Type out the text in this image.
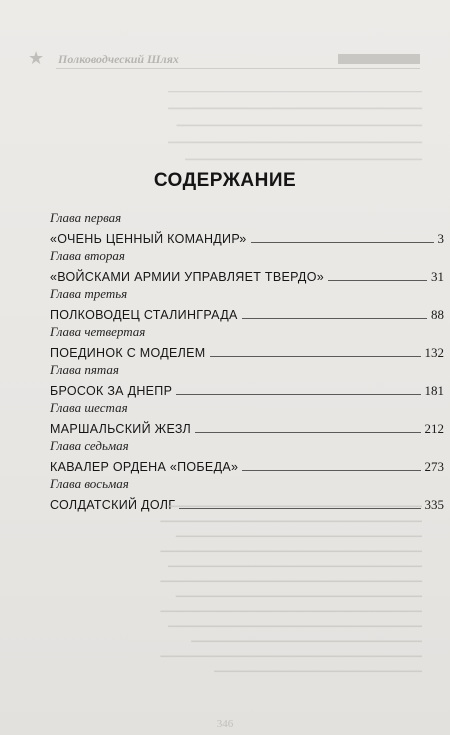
★ Полководческий Шлях
▔▔▔▔▔▔▔▔▔▔▔▔▔▔▔▔▔▔▔▔▔▔▔▔▔▔▔▔▔▔
▔▔▔▔▔▔▔▔▔▔▔▔▔▔▔▔▔▔▔▔▔▔▔▔▔▔▔▔▔▔
▔▔▔▔▔▔▔▔▔▔▔▔▔▔▔▔▔▔▔▔▔▔▔▔▔▔▔▔▔
▔▔▔▔▔▔▔▔▔▔▔▔▔▔▔▔▔▔▔▔▔▔▔▔▔▔▔▔▔▔
▔▔▔▔▔▔▔▔▔▔▔▔▔▔▔▔▔▔▔▔▔▔▔▔▔▔▔▔
СОДЕРЖАНИЕ
Глава первая
«ОЧЕНЬ ЦЕННЫЙ КОМАНДИР»	3
Глава вторая
«ВОЙСКАМИ АРМИИ УПРАВЛЯЕТ ТВЕРДО»	31
Глава третья
ПОЛКОВОДЕЦ СТАЛИНГРАДА	88
Глава четвертая
ПОЕДИНОК С МОДЕЛЕМ	132
Глава пятая
БРОСОК ЗА ДНЕПР	181
Глава шестая
МАРШАЛЬСКИЙ ЖЕЗЛ	212
Глава седьмая
КАВАЛЕР ОРДЕНА «ПОБЕДА»	273
Глава восьмая
СОЛДАТСКИЙ ДОЛГ	335
▔▔▔▔▔▔▔▔▔▔▔▔▔▔▔▔▔▔▔▔▔▔▔▔▔▔▔▔▔▔▔▔▔
▔▔▔▔▔▔▔▔▔▔▔▔▔▔▔▔▔▔▔▔▔▔▔▔▔▔▔▔▔▔▔▔▔▔
▔▔▔▔▔▔▔▔▔▔▔▔▔▔▔▔▔▔▔▔▔▔▔▔▔▔▔▔▔▔▔▔
▔▔▔▔▔▔▔▔▔▔▔▔▔▔▔▔▔▔▔▔▔▔▔▔▔▔▔▔▔▔▔▔▔▔
▔▔▔▔▔▔▔▔▔▔▔▔▔▔▔▔▔▔▔▔▔▔▔▔▔▔▔▔▔▔▔▔▔
▔▔▔▔▔▔▔▔▔▔▔▔▔▔▔▔▔▔▔▔▔▔▔▔▔▔▔▔▔▔▔▔▔▔
▔▔▔▔▔▔▔▔▔▔▔▔▔▔▔▔▔▔▔▔▔▔▔▔▔▔▔▔▔▔▔▔
▔▔▔▔▔▔▔▔▔▔▔▔▔▔▔▔▔▔▔▔▔▔▔▔▔▔▔▔▔▔▔▔▔▔
▔▔▔▔▔▔▔▔▔▔▔▔▔▔▔▔▔▔▔▔▔▔▔▔▔▔▔▔▔▔▔▔▔
▔▔▔▔▔▔▔▔▔▔▔▔▔▔▔▔▔▔▔▔▔▔▔▔▔▔▔▔▔▔
▔▔▔▔▔▔▔▔▔▔▔▔▔▔▔▔▔▔▔▔▔▔▔▔▔▔▔▔▔▔▔▔▔▔
▔▔▔▔▔▔▔▔▔▔▔▔▔▔▔▔▔▔▔▔▔▔▔▔▔▔▔
346
